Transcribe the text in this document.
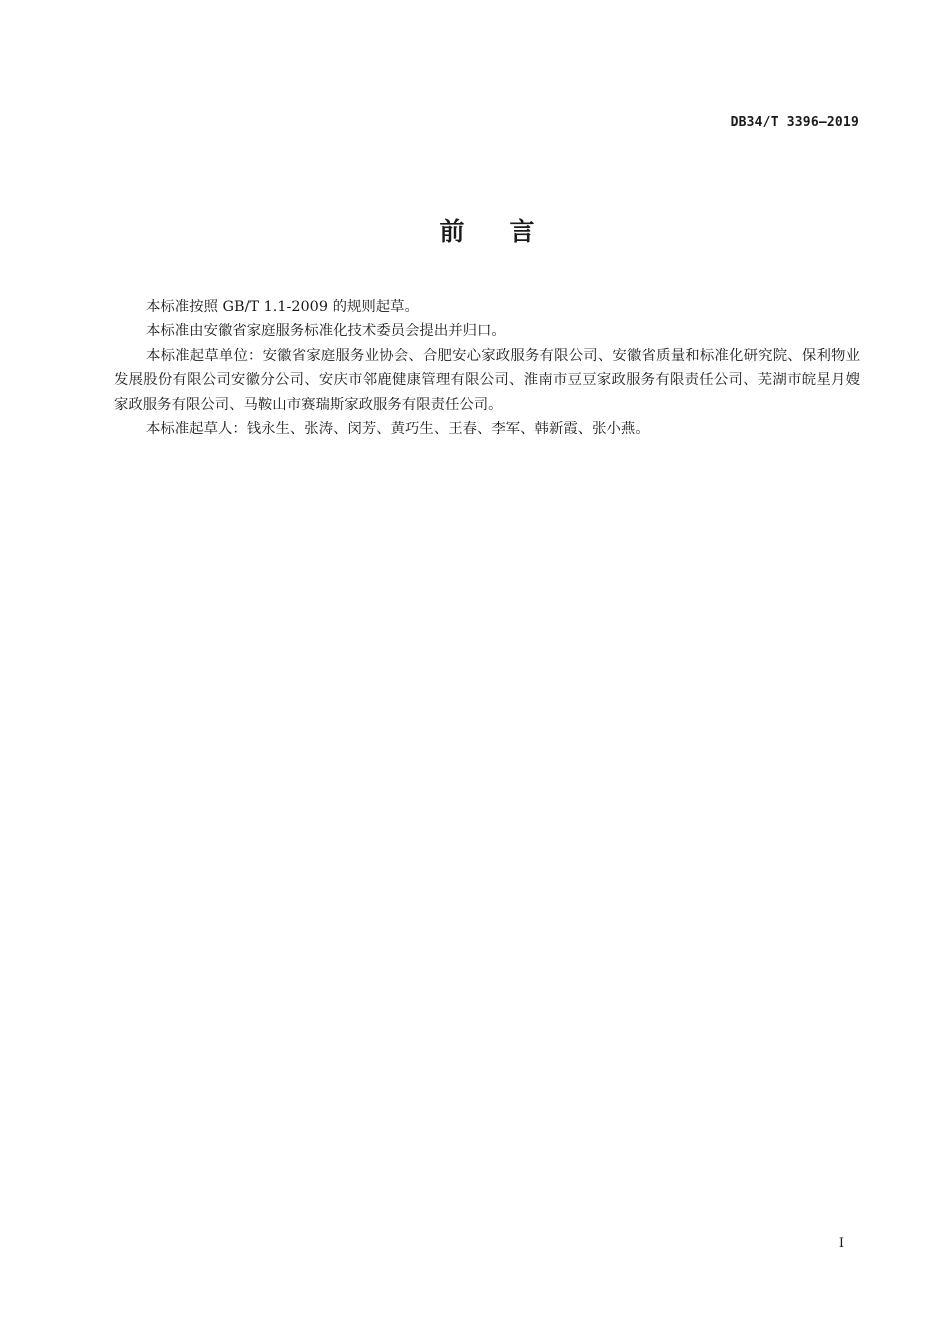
DB34/T 3396—2019
前 言

本标准按照 GB/T 1.1-2009 的规则起草。

本标准由安徽省家庭服务标准化技术委员会提出并归口。

本标准起草单位：安徽省家庭服务业协会、合肥安心家政服务有限公司、安徽省质量和标准化研究院、保利物业发展股份有限公司安徽分公司、安庆市邻鹿健康管理有限公司、淮南市豆豆家政服务有限责任公司、芜湖市皖星月嫂家政服务有限公司、马鞍山市赛瑞斯家政服务有限责任公司。

本标准起草人：钱永生、张涛、闵芳、黄巧生、王春、李军、韩新霞、张小燕。

I
